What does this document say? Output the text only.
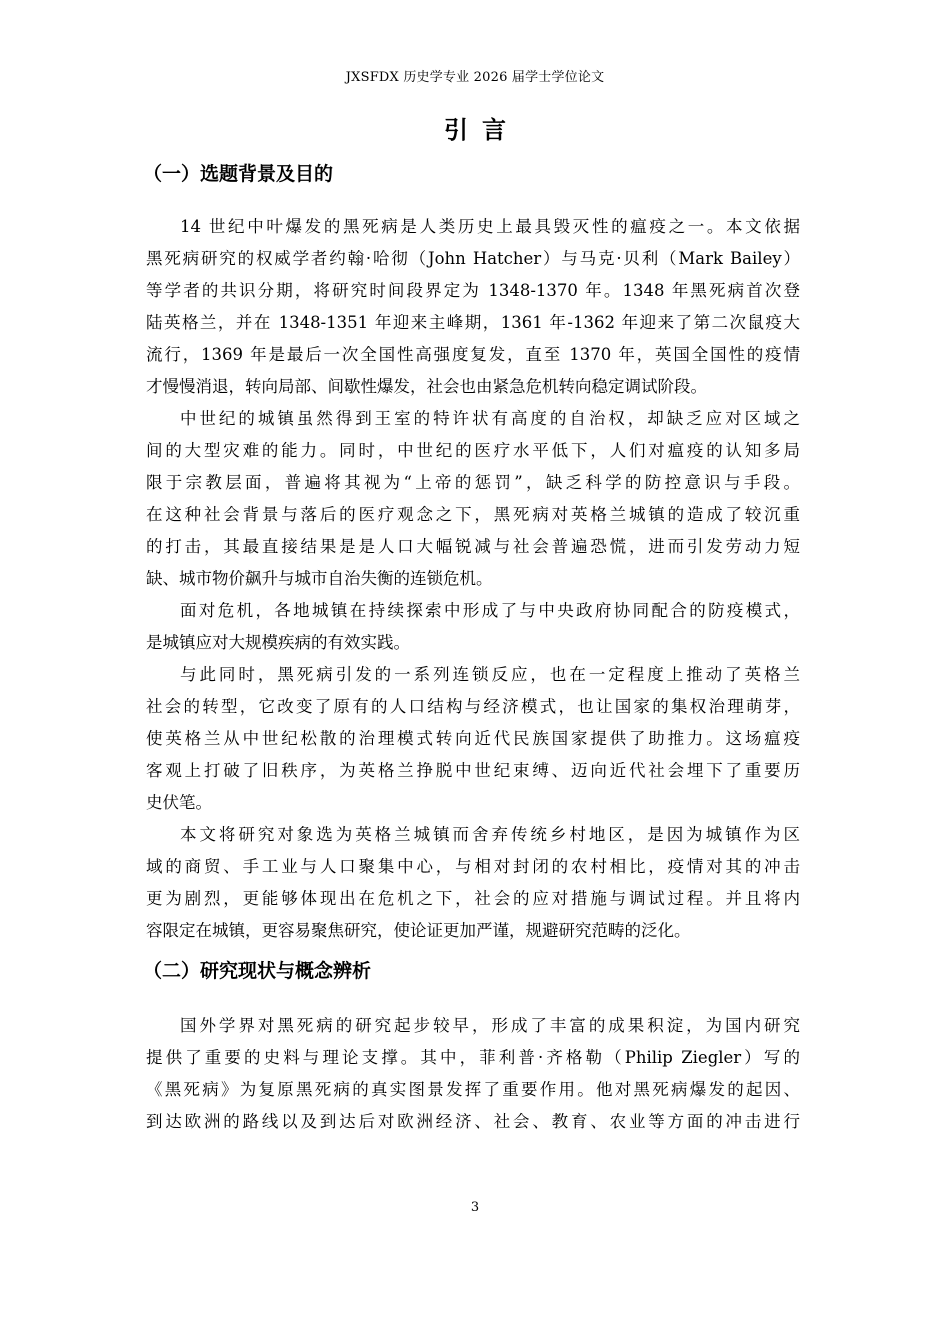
JXSFDX 历史学专业 2026 届学士学位论文
引言
（一）选题背景及目的
14 世纪中叶爆发的黑死病是人类历史上最具毁灭性的瘟疫之一。本文依据
黑死病研究的权威学者约翰·哈彻（John Hatcher）与马克·贝利（Mark Bailey）
等学者的共识分期，将研究时间段界定为 1348-1370 年。1348 年黑死病首次登
陆英格兰，并在 1348-1351 年迎来主峰期，1361 年-1362 年迎来了第二次鼠疫大
流行，1369 年是最后一次全国性高强度复发，直至 1370 年，英国全国性的疫情
才慢慢消退，转向局部、间歇性爆发，社会也由紧急危机转向稳定调试阶段。
中世纪的城镇虽然得到王室的特许状有高度的自治权，却缺乏应对区域之
间的大型灾难的能力。同时，中世纪的医疗水平低下，人们对瘟疫的认知多局
限于宗教层面，普遍将其视为“上帝的惩罚”，缺乏科学的防控意识与手段。
在这种社会背景与落后的医疗观念之下，黑死病对英格兰城镇的造成了较沉重
的打击，其最直接结果是是人口大幅锐减与社会普遍恐慌，进而引发劳动力短
缺、城市物价飙升与城市自治失衡的连锁危机。
面对危机，各地城镇在持续探索中形成了与中央政府协同配合的防疫模式，
是城镇应对大规模疾病的有效实践。
与此同时，黑死病引发的一系列连锁反应，也在一定程度上推动了英格兰
社会的转型，它改变了原有的人口结构与经济模式，也让国家的集权治理萌芽，
使英格兰从中世纪松散的治理模式转向近代民族国家提供了助推力。这场瘟疫
客观上打破了旧秩序，为英格兰挣脱中世纪束缚、迈向近代社会埋下了重要历
史伏笔。
本文将研究对象选为英格兰城镇而舍弃传统乡村地区，是因为城镇作为区
域的商贸、手工业与人口聚集中心，与相对封闭的农村相比，疫情对其的冲击
更为剧烈，更能够体现出在危机之下，社会的应对措施与调试过程。并且将内
容限定在城镇，更容易聚焦研究，使论证更加严谨，规避研究范畴的泛化。
（二）研究现状与概念辨析
国外学界对黑死病的研究起步较早，形成了丰富的成果积淀，为国内研究
提供了重要的史料与理论支撑。其中，菲利普·齐格勒（Philip Ziegler）写的
《黑死病》为复原黑死病的真实图景发挥了重要作用。他对黑死病爆发的起因、
到达欧洲的路线以及到达后对欧洲经济、社会、教育、农业等方面的冲击进行
3
